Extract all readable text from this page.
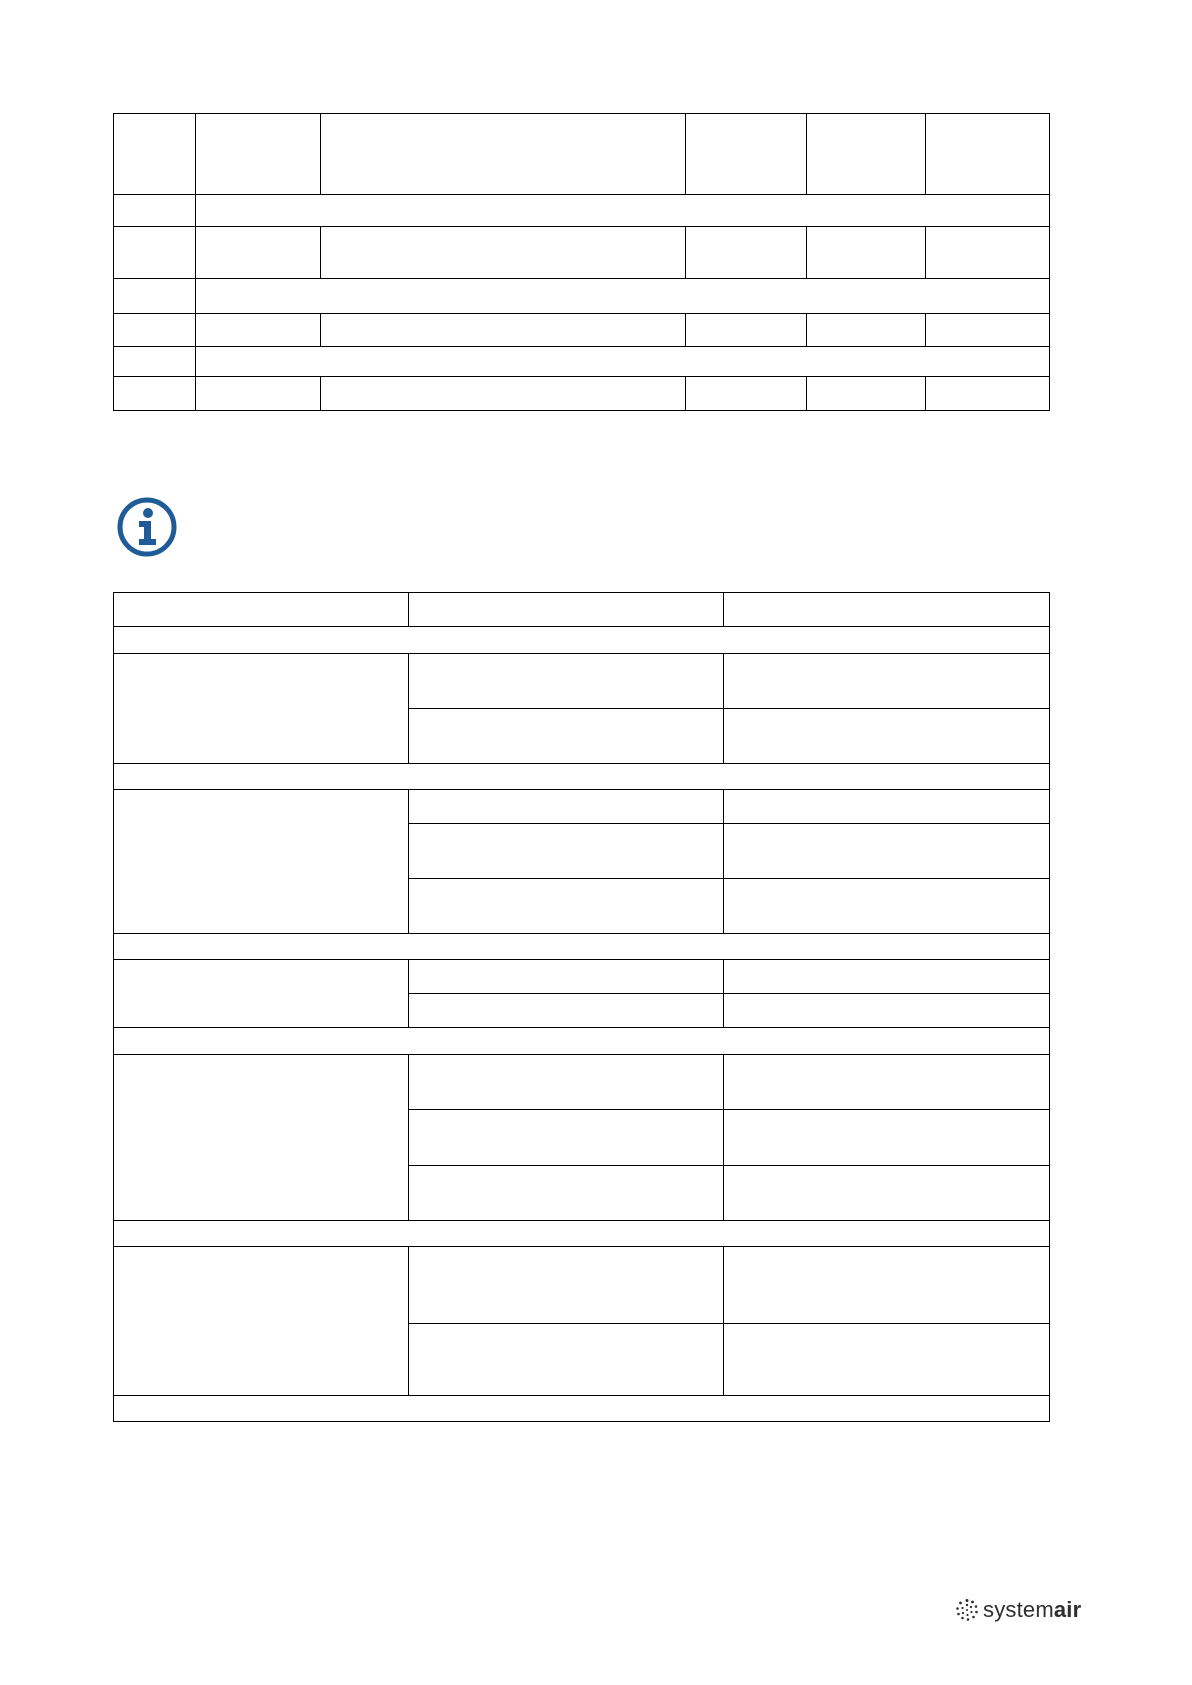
systemair
